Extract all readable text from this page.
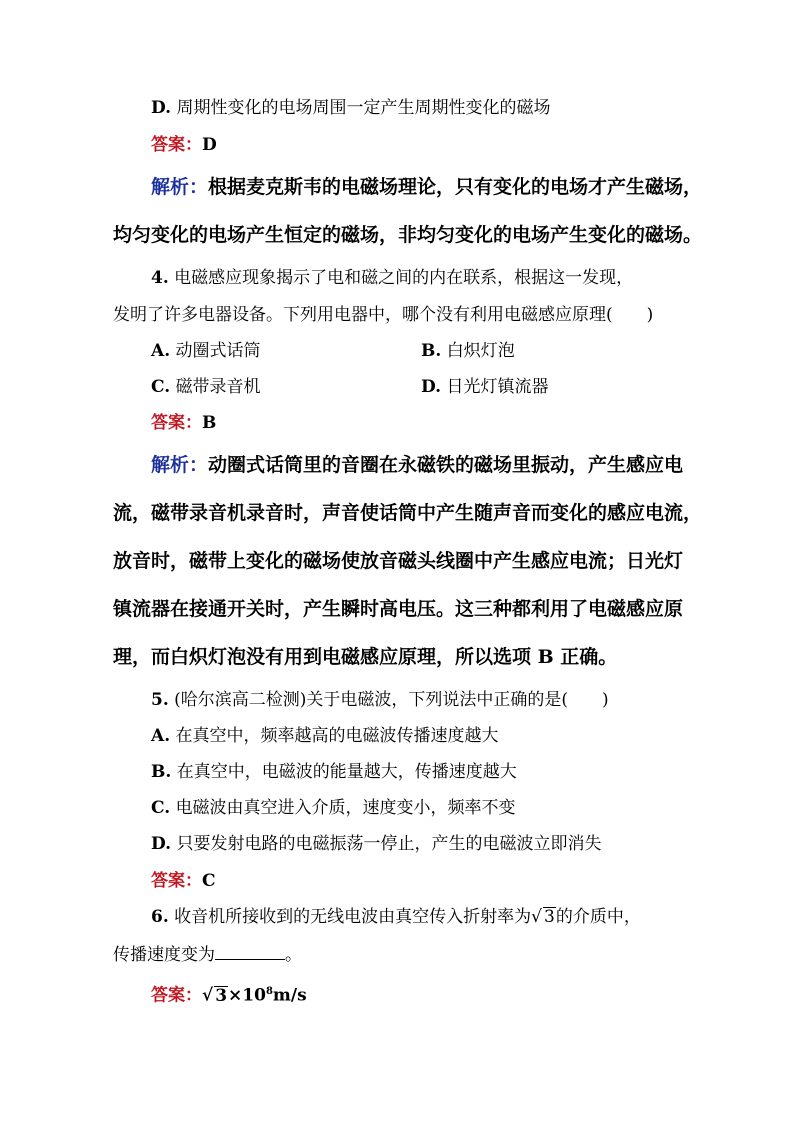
D. 周期性变化的电场周围一定产生周期性变化的磁场
答案：D
解析：根据麦克斯韦的电磁场理论，只有变化的电场才产生磁场，
均匀变化的电场产生恒定的磁场，非均匀变化的电场产生变化的磁场。
4. 电磁感应现象揭示了电和磁之间的内在联系，根据这一发现，
发明了许多电器设备。下列用电器中，哪个没有利用电磁感应原理(　　)
A. 动圈式话筒	B. 白炽灯泡
C. 磁带录音机	D. 日光灯镇流器
答案：B
解析：动圈式话筒里的音圈在永磁铁的磁场里振动，产生感应电
流，磁带录音机录音时，声音使话筒中产生随声音而变化的感应电流，
放音时，磁带上变化的磁场使放音磁头线圈中产生感应电流；日光灯
镇流器在接通开关时，产生瞬时高电压。这三种都利用了电磁感应原
理，而白炽灯泡没有用到电磁感应原理，所以选项 B 正确。
5. (哈尔滨高二检测)关于电磁波，下列说法中正确的是(　　)
A. 在真空中，频率越高的电磁波传播速度越大
B. 在真空中，电磁波的能量越大，传播速度越大
C. 电磁波由真空进入介质，速度变小，频率不变
D. 只要发射电路的电磁振荡一停止，产生的电磁波立即消失
答案：C
6. 收音机所接收到的无线电波由真空传入折射率为√ 3的介质中，
传播速度变为	。
答案：√ $3\times 10^8m/s$
